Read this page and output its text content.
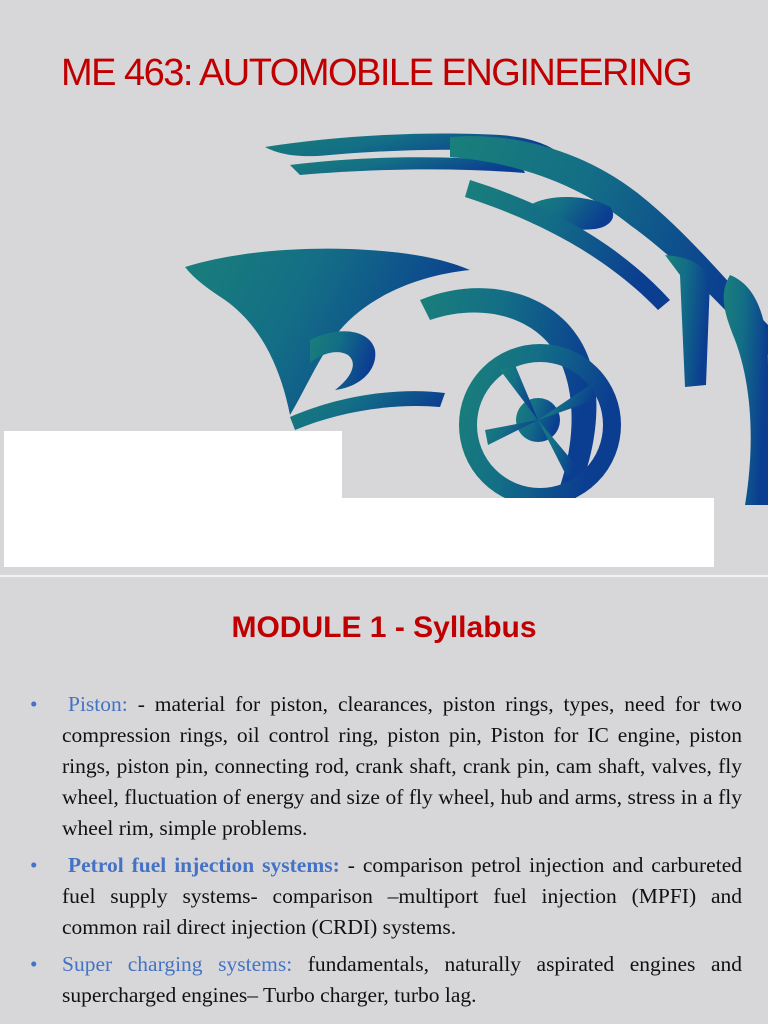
ME 463: AUTOMOBILE ENGINEERING
MODULE 1 - Syllabus
• Piston: - material for piston, clearances, piston rings, types, need for two compression rings, oil control ring, piston pin, Piston for IC engine, piston rings, piston pin, connecting rod, crank shaft, crank pin, cam shaft, valves, fly wheel, fluctuation of energy and size of fly wheel, hub and arms, stress in a fly wheel rim, simple problems.
• Petrol fuel injection systems: - comparison petrol injection and carbureted fuel supply systems- comparison –multiport fuel injection (MPFI) and common rail direct injection (CRDI) systems.
• Super charging systems: fundamentals, naturally aspirated engines and supercharged engines– Turbo charger, turbo lag.
